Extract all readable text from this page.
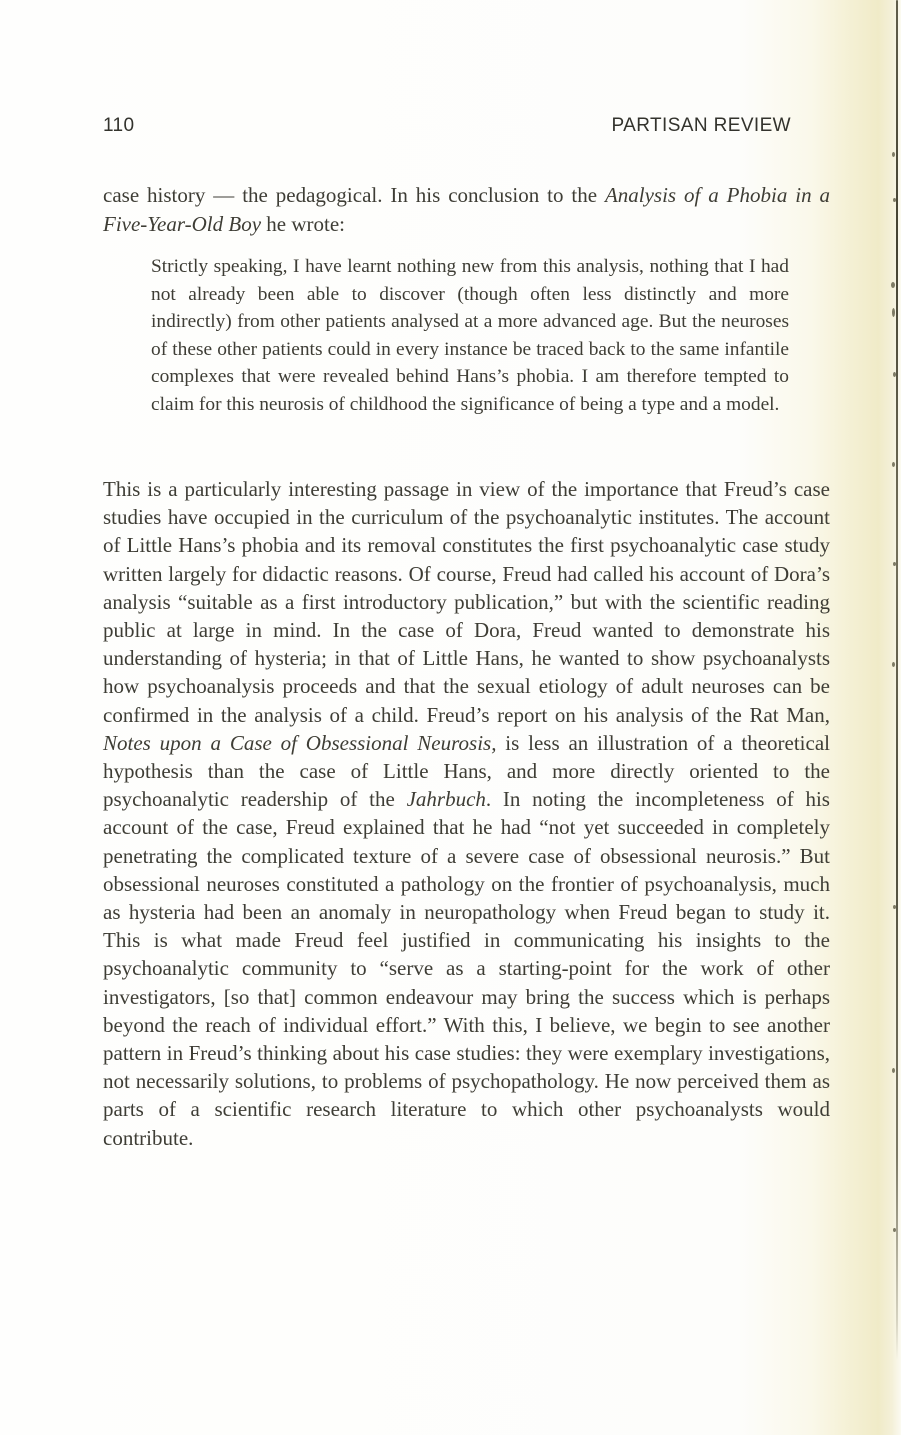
110	PARTISAN REVIEW

case history — the pedagogical. In his conclusion to the Analysis of a Phobia in a Five-Year-Old Boy he wrote:

Strictly speaking, I have learnt nothing new from this analysis, nothing that I had not already been able to discover (though often less distinctly and more indirectly) from other patients analysed at a more advanced age. But the neuroses of these other patients could in every instance be traced back to the same infantile complexes that were revealed behind Hans’s phobia. I am therefore tempted to claim for this neurosis of childhood the significance of being a type and a model.

This is a particularly interesting passage in view of the importance that Freud’s case studies have occupied in the curriculum of the psychoanalytic institutes. The account of Little Hans’s phobia and its removal constitutes the first psychoanalytic case study written largely for didactic reasons. Of course, Freud had called his account of Dora’s analysis “suitable as a first introductory publication,” but with the scientific reading public at large in mind. In the case of Dora, Freud wanted to demonstrate his understanding of hysteria; in that of Little Hans, he wanted to show psychoanalysts how psychoanalysis proceeds and that the sexual etiology of adult neuroses can be confirmed in the analysis of a child. Freud’s report on his analysis of the Rat Man, Notes upon a Case of Obsessional Neurosis, is less an illustration of a theoretical hypothesis than the case of Little Hans, and more directly oriented to the psychoanalytic readership of the Jahrbuch. In noting the incompleteness of his account of the case, Freud explained that he had “not yet succeeded in completely penetrating the complicated texture of a severe case of obsessional neurosis.” But obsessional neuroses constituted a pathology on the frontier of psychoanalysis, much as hysteria had been an anomaly in neuropathology when Freud began to study it. This is what made Freud feel justified in communicating his insights to the psychoanalytic community to “serve as a starting-point for the work of other investigators, [so that] common endeavour may bring the success which is perhaps beyond the reach of individual effort.” With this, I believe, we begin to see another pattern in Freud’s thinking about his case studies: they were exemplary investigations, not necessarily solutions, to problems of psychopathology. He now perceived them as parts of a scientific research literature to which other psychoanalysts would contribute.
